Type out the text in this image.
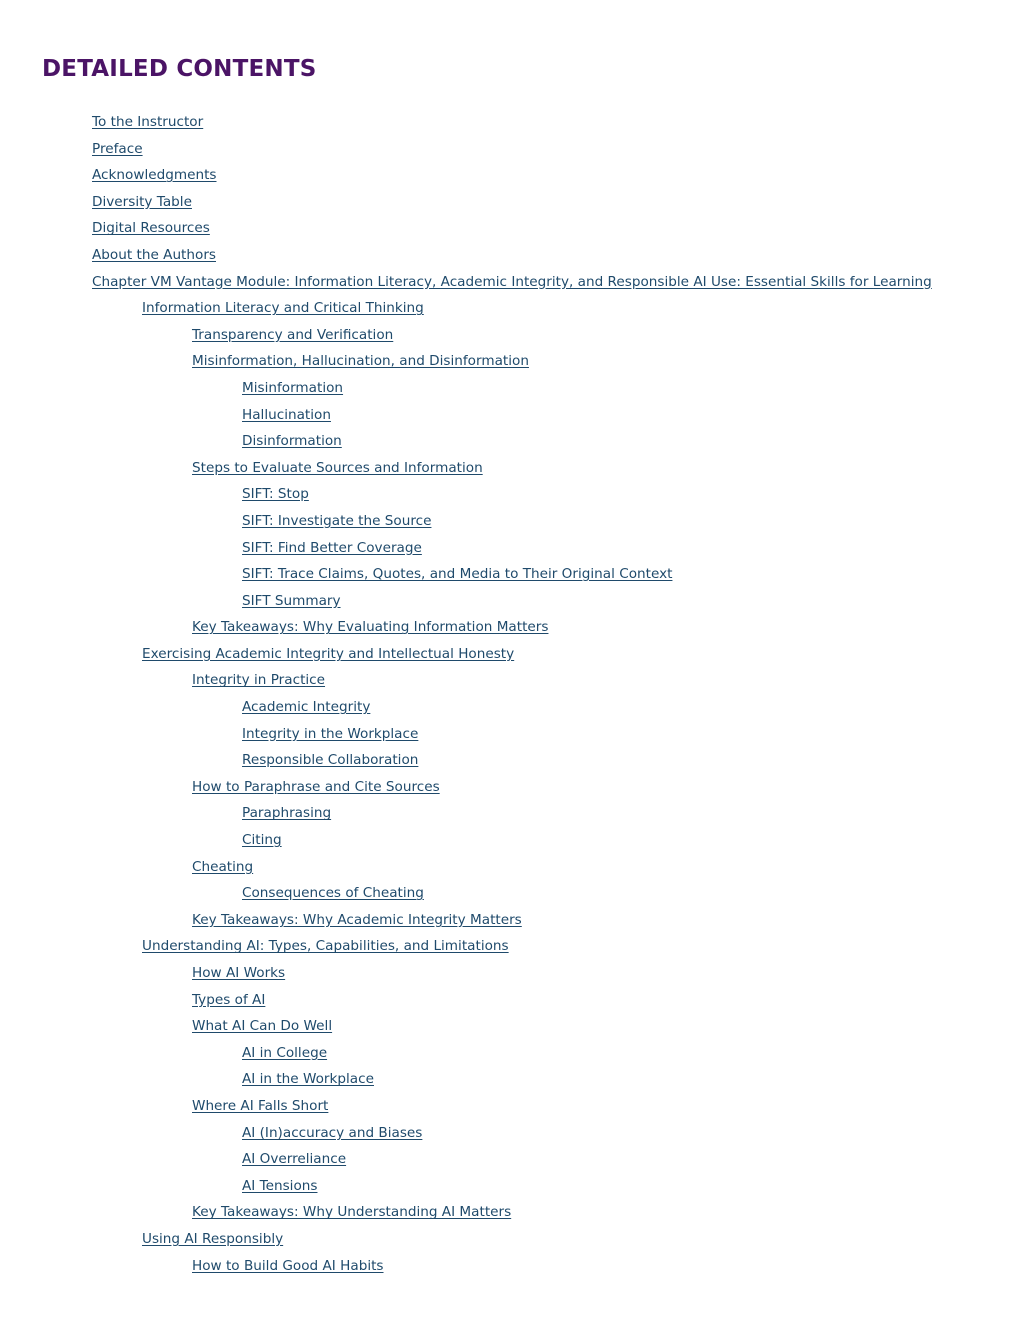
DETAILED CONTENTS
To the Instructor
Preface
Acknowledgments
Diversity Table
Digital Resources
About the Authors
Chapter VM Vantage Module: Information Literacy, Academic Integrity, and Responsible AI Use: Essential Skills for Learning
Information Literacy and Critical Thinking
Transparency and Verification
Misinformation, Hallucination, and Disinformation
Misinformation
Hallucination
Disinformation
Steps to Evaluate Sources and Information
SIFT: Stop
SIFT: Investigate the Source
SIFT: Find Better Coverage
SIFT: Trace Claims, Quotes, and Media to Their Original Context
SIFT Summary
Key Takeaways: Why Evaluating Information Matters
Exercising Academic Integrity and Intellectual Honesty
Integrity in Practice
Academic Integrity
Integrity in the Workplace
Responsible Collaboration
How to Paraphrase and Cite Sources
Paraphrasing
Citing
Cheating
Consequences of Cheating
Key Takeaways: Why Academic Integrity Matters
Understanding AI: Types, Capabilities, and Limitations
How AI Works
Types of AI
What AI Can Do Well
AI in College
AI in the Workplace
Where AI Falls Short
AI (In)accuracy and Biases
AI Overreliance
AI Tensions
Key Takeaways: Why Understanding AI Matters
Using AI Responsibly
How to Build Good AI Habits
